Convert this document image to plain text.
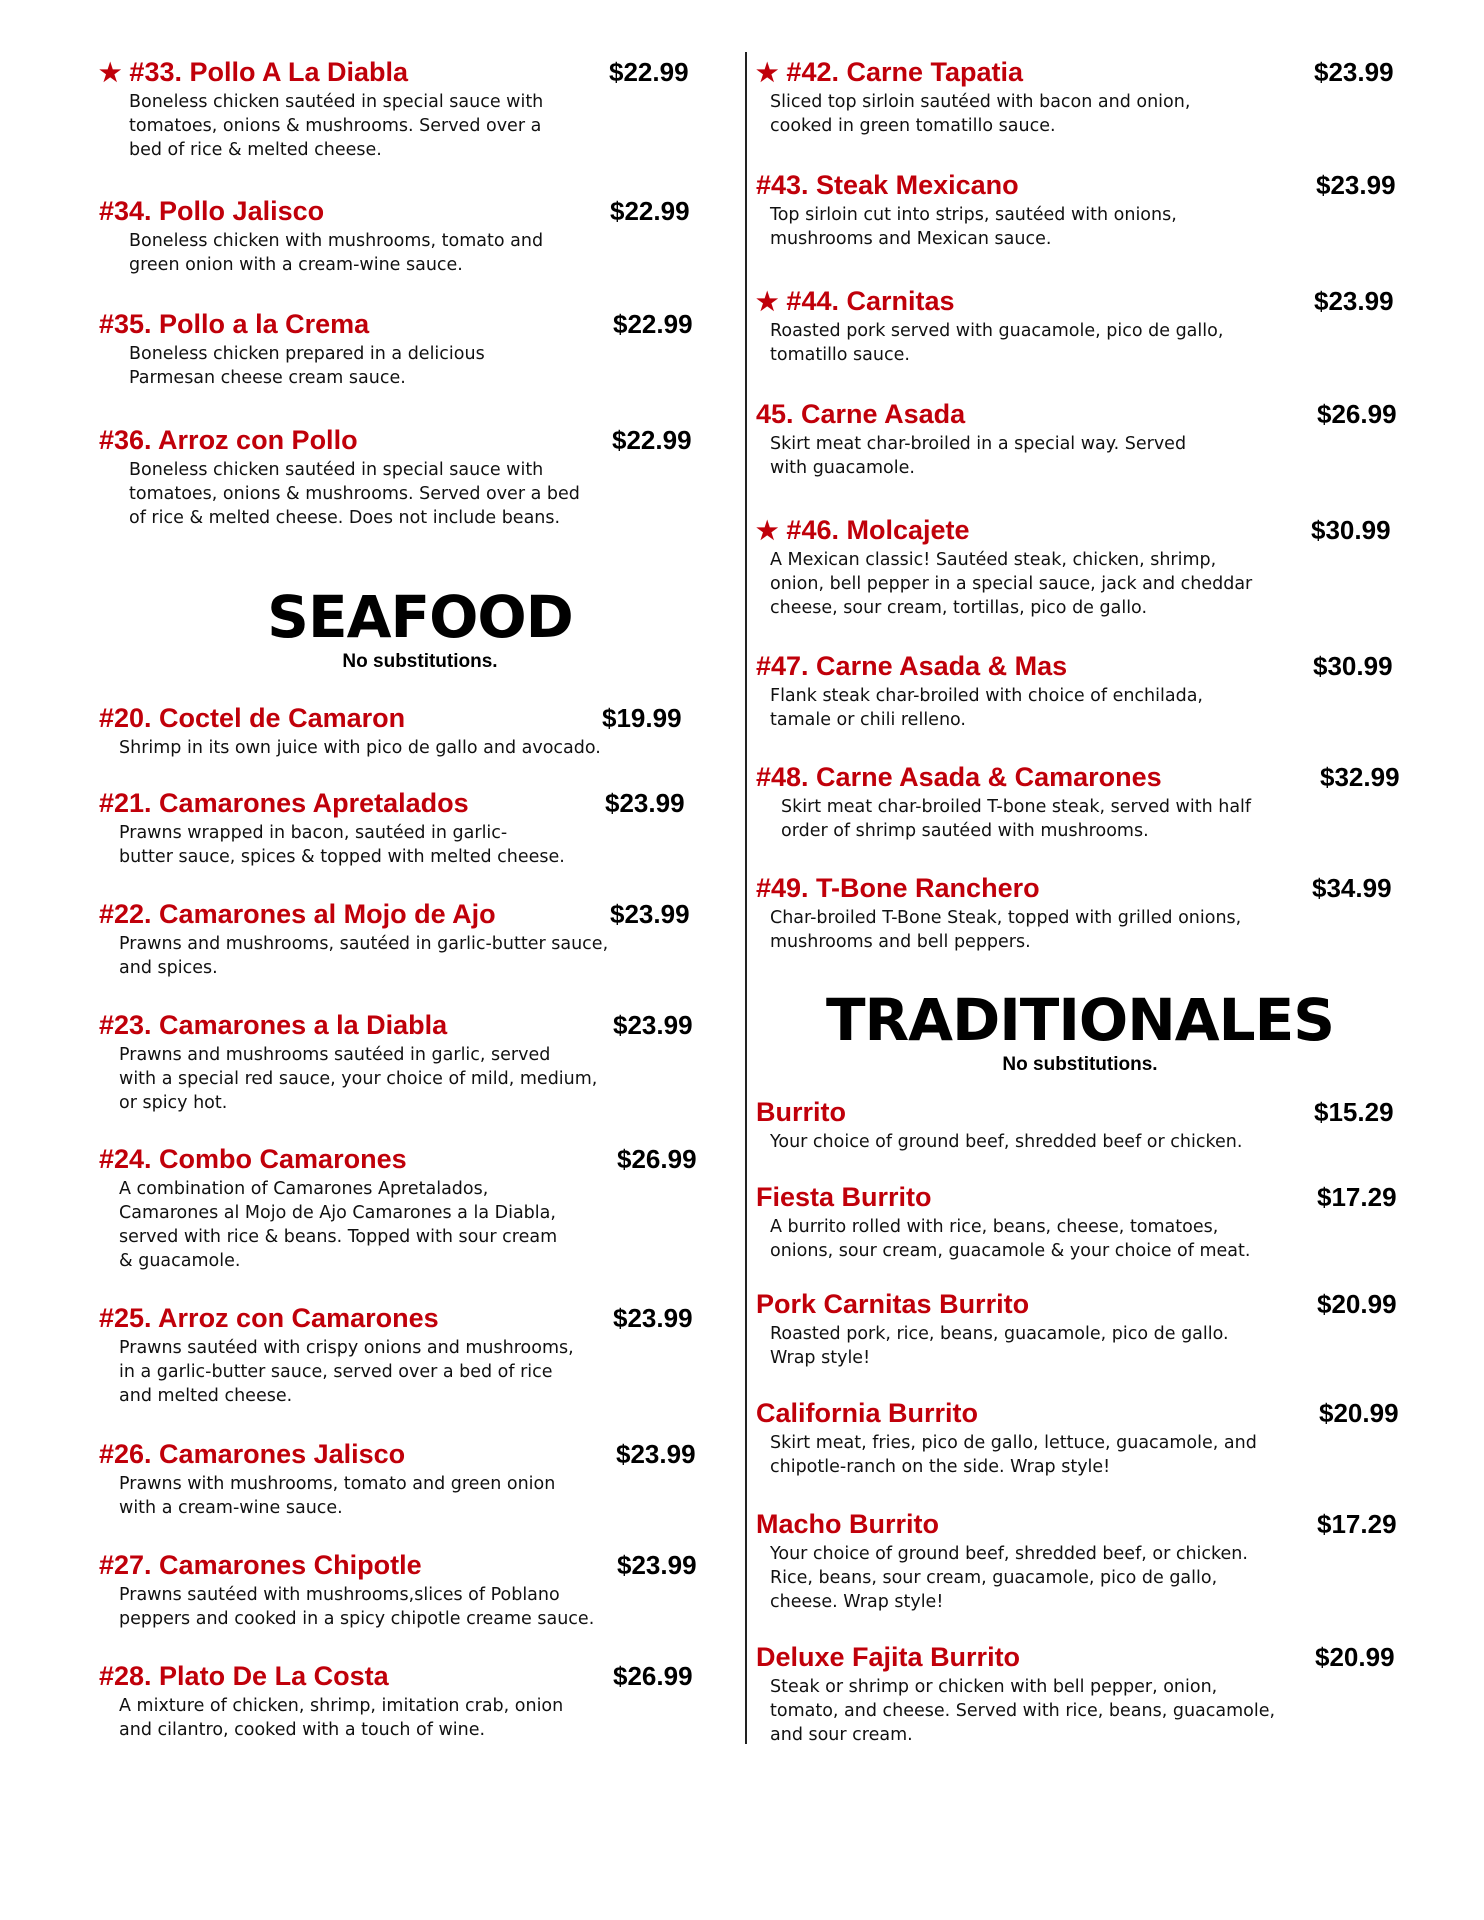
★ #33. Pollo A La Diabla	$22.99
Boneless chicken sautéed in special sauce with
tomatoes, onions & mushrooms. Served over a
bed of rice & melted cheese.
#34. Pollo Jalisco	$22.99
Boneless chicken with mushrooms, tomato and
green onion with a cream-wine sauce.
#35. Pollo a la Crema	$22.99
Boneless chicken prepared in a delicious
Parmesan cheese cream sauce.
#36. Arroz con Pollo	$22.99
Boneless chicken sautéed in special sauce with
tomatoes, onions & mushrooms. Served over a bed
of rice & melted cheese. Does not include beans.
SEAFOOD
No substitutions.
#20. Coctel de Camaron	$19.99
Shrimp in its own juice with pico de gallo and avocado.
#21. Camarones Apretalados	$23.99
Prawns wrapped in bacon, sautéed in garlic-
butter sauce, spices & topped with melted cheese.
#22. Camarones al Mojo de Ajo	$23.99
Prawns and mushrooms, sautéed in garlic-butter sauce,
and spices.
#23. Camarones a la Diabla	$23.99
Prawns and mushrooms sautéed in garlic, served
with a special red sauce, your choice of mild, medium,
or spicy hot.
#24. Combo Camarones	$26.99
A combination of Camarones Apretalados,
Camarones al Mojo de Ajo Camarones a la Diabla,
served with rice & beans. Topped with sour cream
& guacamole.
#25. Arroz con Camarones	$23.99
Prawns sautéed with crispy onions and mushrooms,
in a garlic-butter sauce, served over a bed of rice
and melted cheese.
#26. Camarones Jalisco	$23.99
Prawns with mushrooms, tomato and green onion
with a cream-wine sauce.
#27. Camarones Chipotle	$23.99
Prawns sautéed with mushrooms,slices of Poblano
peppers and cooked in a spicy chipotle creame sauce.
#28. Plato De La Costa	$26.99
A mixture of chicken, shrimp, imitation crab, onion
and cilantro, cooked with a touch of wine.
★ #42. Carne Tapatia	$23.99
Sliced top sirloin sautéed with bacon and onion,
cooked in green tomatillo sauce.
#43. Steak Mexicano	$23.99
Top sirloin cut into strips, sautéed with onions,
mushrooms and Mexican sauce.
★ #44. Carnitas	$23.99
Roasted pork served with guacamole, pico de gallo,
tomatillo sauce.
45. Carne Asada	$26.99
Skirt meat char-broiled in a special way. Served
with guacamole.
★ #46. Molcajete	$30.99
A Mexican classic! Sautéed steak, chicken, shrimp,
onion, bell pepper in a special sauce, jack and cheddar
cheese, sour cream, tortillas, pico de gallo.
#47. Carne Asada & Mas	$30.99
Flank steak char-broiled with choice of enchilada,
tamale or chili relleno.
#48. Carne Asada & Camarones	$32.99
Skirt meat char-broiled T-bone steak, served with half
order of shrimp sautéed with mushrooms.
#49. T-Bone Ranchero	$34.99
Char-broiled T-Bone Steak, topped with grilled onions,
mushrooms and bell peppers.
TRADITIONALES
No substitutions.
Burrito	$15.29
Your choice of ground beef, shredded beef or chicken.
Fiesta Burrito	$17.29
A burrito rolled with rice, beans, cheese, tomatoes,
onions, sour cream, guacamole & your choice of meat.
Pork Carnitas Burrito	$20.99
Roasted pork, rice, beans, guacamole, pico de gallo.
Wrap style!
California Burrito	$20.99
Skirt meat, fries, pico de gallo, lettuce, guacamole, and
chipotle-ranch on the side. Wrap style!
Macho Burrito	$17.29
Your choice of ground beef, shredded beef, or chicken.
Rice, beans, sour cream, guacamole, pico de gallo,
cheese. Wrap style!
Deluxe Fajita Burrito	$20.99
Steak or shrimp or chicken with bell pepper, onion,
tomato, and cheese. Served with rice, beans, guacamole,
and sour cream.
